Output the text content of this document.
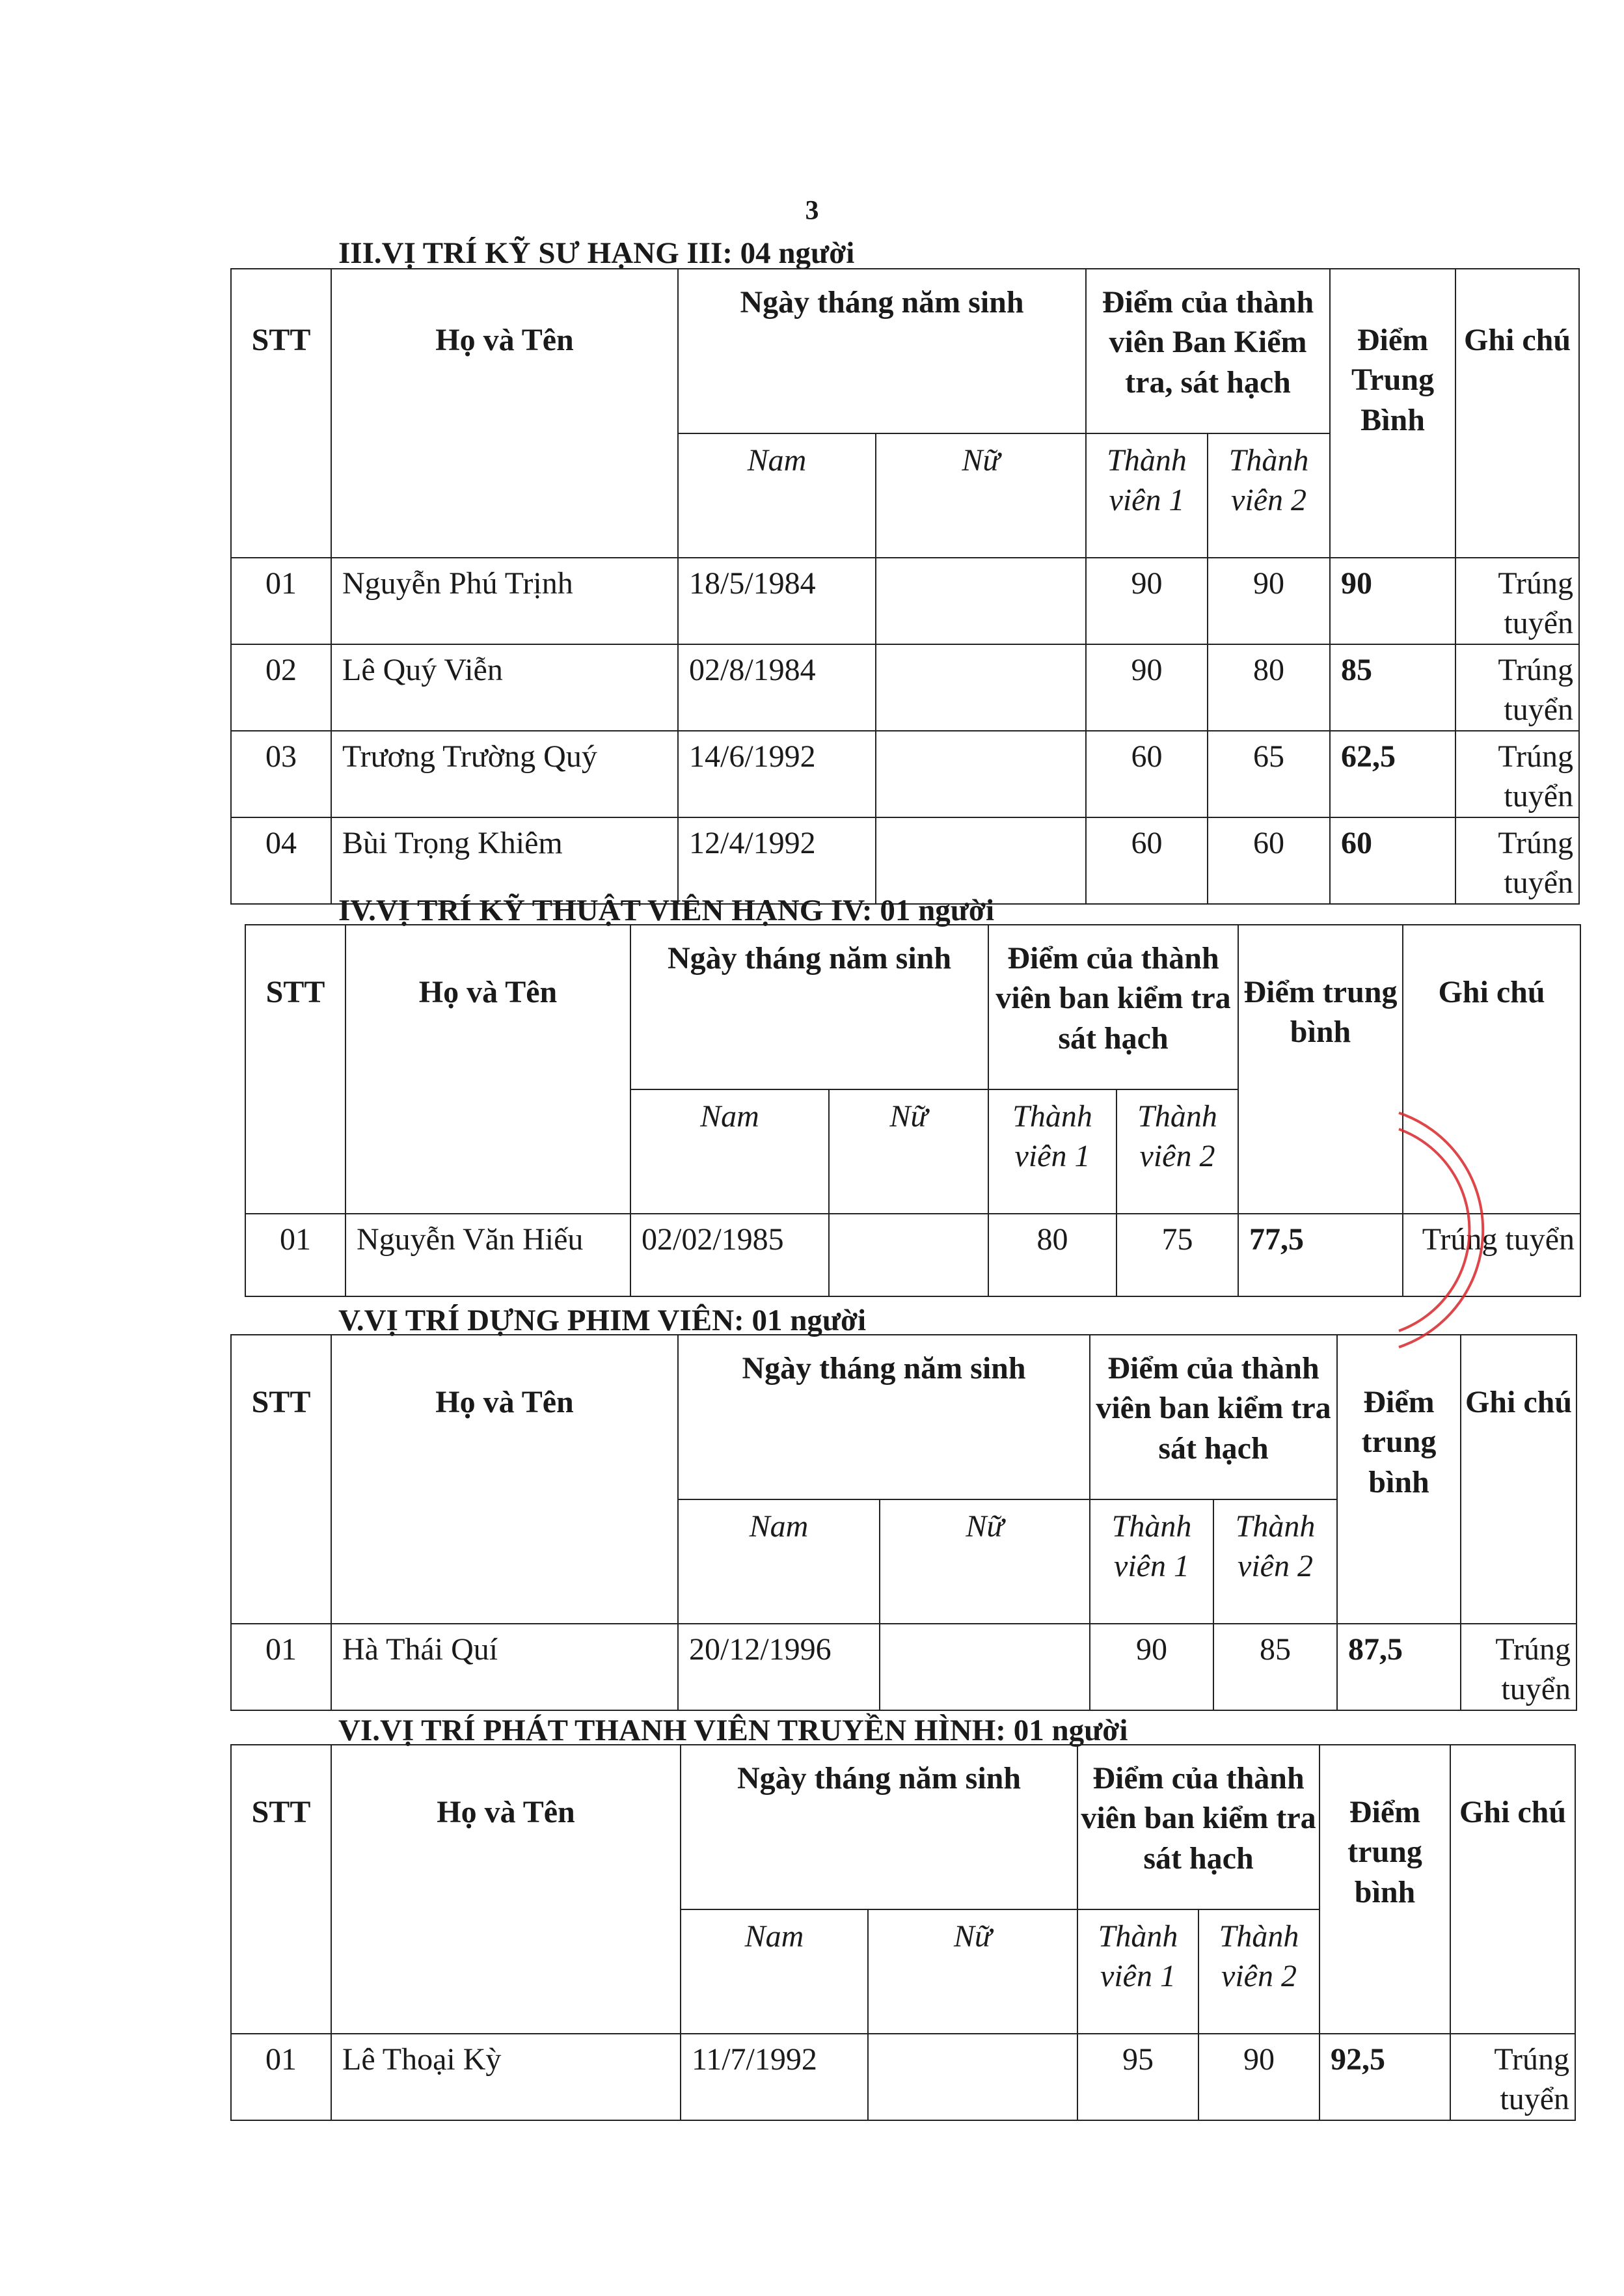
3
III.VỊ TRÍ KỸ SƯ HẠNG III: 04 người
STT	Họ và Tên	Ngày tháng năm sinh		Điểm của thành viên Ban Kiểm tra, sát hạch		Điểm Trung Bình	Ghi chú
		Nam	Nữ	Thành viên 1	Thành viên 2		
01	Nguyễn Phú Trịnh	18/5/1984		90	90	90	Trúng tuyển
02	Lê Quý Viễn	02/8/1984		90	80	85	Trúng tuyển
03	Trương Trường Quý	14/6/1992		60	65	62,5	Trúng tuyển
04	Bùi Trọng Khiêm	12/4/1992		60	60	60	Trúng tuyển
IV.VỊ TRÍ KỸ THUẬT VIÊN HẠNG IV: 01 người
STT	Họ và Tên	Ngày tháng năm sinh		Điểm của thành viên ban kiểm tra sát hạch		Điểm trung bình	Ghi chú
		Nam	Nữ	Thành viên 1	Thành viên 2		
01	Nguyễn Văn Hiếu	02/02/1985		80	75	77,5	Trúng tuyển
V.VỊ TRÍ DỰNG PHIM VIÊN: 01 người
STT	Họ và Tên	Ngày tháng năm sinh		Điểm của thành viên ban kiểm tra sát hạch		Điểm trung bình	Ghi chú
		Nam	Nữ	Thành viên 1	Thành viên 2		
01	Hà Thái Quí	20/12/1996		90	85	87,5	Trúng tuyển
VI.VỊ TRÍ PHÁT THANH VIÊN TRUYỀN HÌNH: 01 người
STT	Họ và Tên	Ngày tháng năm sinh		Điểm của thành viên ban kiểm tra sát hạch		Điểm trung bình	Ghi chú
		Nam	Nữ	Thành viên 1	Thành viên 2		
01	Lê Thoại Kỳ	11/7/1992		95	90	92,5	Trúng tuyển
